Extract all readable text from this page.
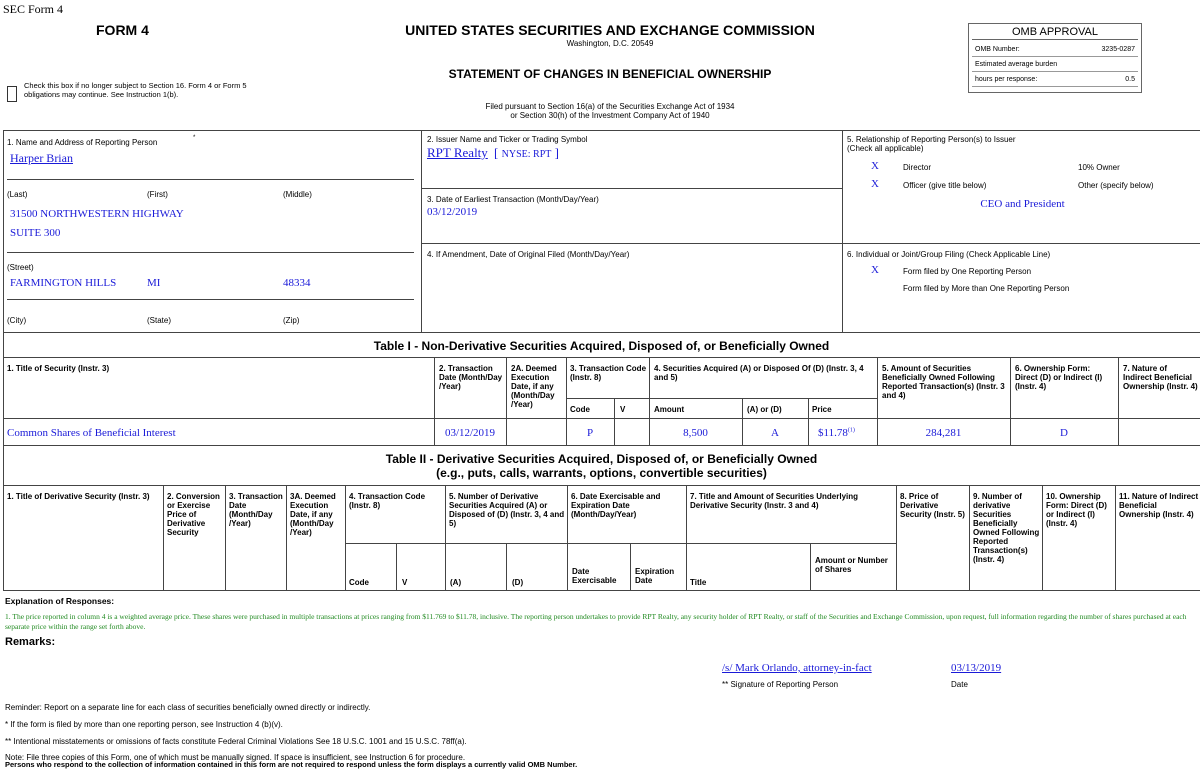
SEC Form 4
FORM 4	UNITED STATES SECURITIES AND EXCHANGE COMMISSION
Washington, D.C. 20549
STATEMENT OF CHANGES IN BENEFICIAL OWNERSHIP
Filed pursuant to Section 16(a) of the Securities Exchange Act of 1934
or Section 30(h) of the Investment Company Act of 1940
Check this box if no longer subject to Section 16. Form 4 or Form 5 obligations may continue. See Instruction 1(b).
OMB APPROVAL
OMB Number:	3235-0287
Estimated average burden
hours per response:	0.5
1. Name and Address of Reporting Person	*
Harper Brian
(Last)	(First)	(Middle)
31500 NORTHWESTERN HIGHWAY
SUITE 300
(Street)
FARMINGTON HILLS	MI	48334
(City)	(State)	(Zip)
2. Issuer Name and Ticker or Trading Symbol
RPT Realty [ NYSE: RPT ]
3. Date of Earliest Transaction (Month/Day/Year)
03/12/2019
4. If Amendment, Date of Original Filed (Month/Day/Year)
5. Relationship of Reporting Person(s) to Issuer
(Check all applicable)
X	Director	10% Owner
X	Officer (give title below)	Other (specify below)
CEO and President
6. Individual or Joint/Group Filing (Check Applicable Line)
X	Form filed by One Reporting Person
Form filed by More than One Reporting Person
Table I - Non-Derivative Securities Acquired, Disposed of, or Beneficially Owned
1. Title of Security (Instr. 3)	2. Transaction Date (Month/Day /Year)
2A. Deemed Execution Date, if any (Month/Day /Year)
3. Transaction Code (Instr. 8)
4. Securities Acquired (A) or Disposed Of (D) (Instr. 3, 4 and 5)
5. Amount of Securities Beneficially Owned Following Reported Transaction(s) (Instr. 3 and 4)
6. Ownership Form: Direct (D) or Indirect (I) (Instr. 4)
7. Nature of Indirect Beneficial Ownership (Instr. 4)
Code	V	Amount	(A) or (D)	Price
Common Shares of Beneficial Interest	03/12/2019	P	8,500	A	$11.78$^{(1)}$	284,281	D
Table II - Derivative Securities Acquired, Disposed of, or Beneficially Owned
(e.g., puts, calls, warrants, options, convertible securities)
1. Title of Derivative Security (Instr. 3)	2. Conversion or Exercise Price of Derivative Security
3. Transaction Date (Month/Day /Year)
3A. Deemed Execution Date, if any (Month/Day /Year)
4. Transaction Code (Instr. 8)
5. Number of Derivative Securities Acquired (A) or Disposed of (D) (Instr. 3, 4 and 5)
6. Date Exercisable and Expiration Date (Month/Day/Year)
7. Title and Amount of Securities Underlying Derivative Security (Instr. 3 and 4)
8. Price of Derivative Security (Instr. 5)
9. Number of derivative Securities Beneficially Owned Following Reported Transaction(s) (Instr. 4)
10. Ownership Form: Direct (D) or Indirect (I) (Instr. 4)
11. Nature of Indirect Beneficial Ownership (Instr. 4)
Code	V	(A)	(D)
Date Exercisable
Expiration Date	Title
Amount or Number of Shares
Explanation of Responses:
1. The price reported in column 4 is a weighted average price. These shares were purchased in multiple transactions at prices ranging from $11.769 to $11.78, inclusive. The reporting person undertakes to provide RPT Realty, any security holder of RPT Realty, or staff of the Securities and Exchange Commission, upon request, full information regarding the number of shares purchased at each separate price within the range set forth above.
Remarks:
/s/ Mark Orlando, attorney-in-fact	03/13/2019
** Signature of Reporting Person	Date
Reminder: Report on a separate line for each class of securities beneficially owned directly or indirectly.
* If the form is filed by more than one reporting person, see Instruction 4 (b)(v).
** Intentional misstatements or omissions of facts constitute Federal Criminal Violations See 18 U.S.C. 1001 and 15 U.S.C. 78ff(a).
Note: File three copies of this Form, one of which must be manually signed. If space is insufficient, see Instruction 6 for procedure.
Persons who respond to the collection of information contained in this form are not required to respond unless the form displays a currently valid OMB Number.
